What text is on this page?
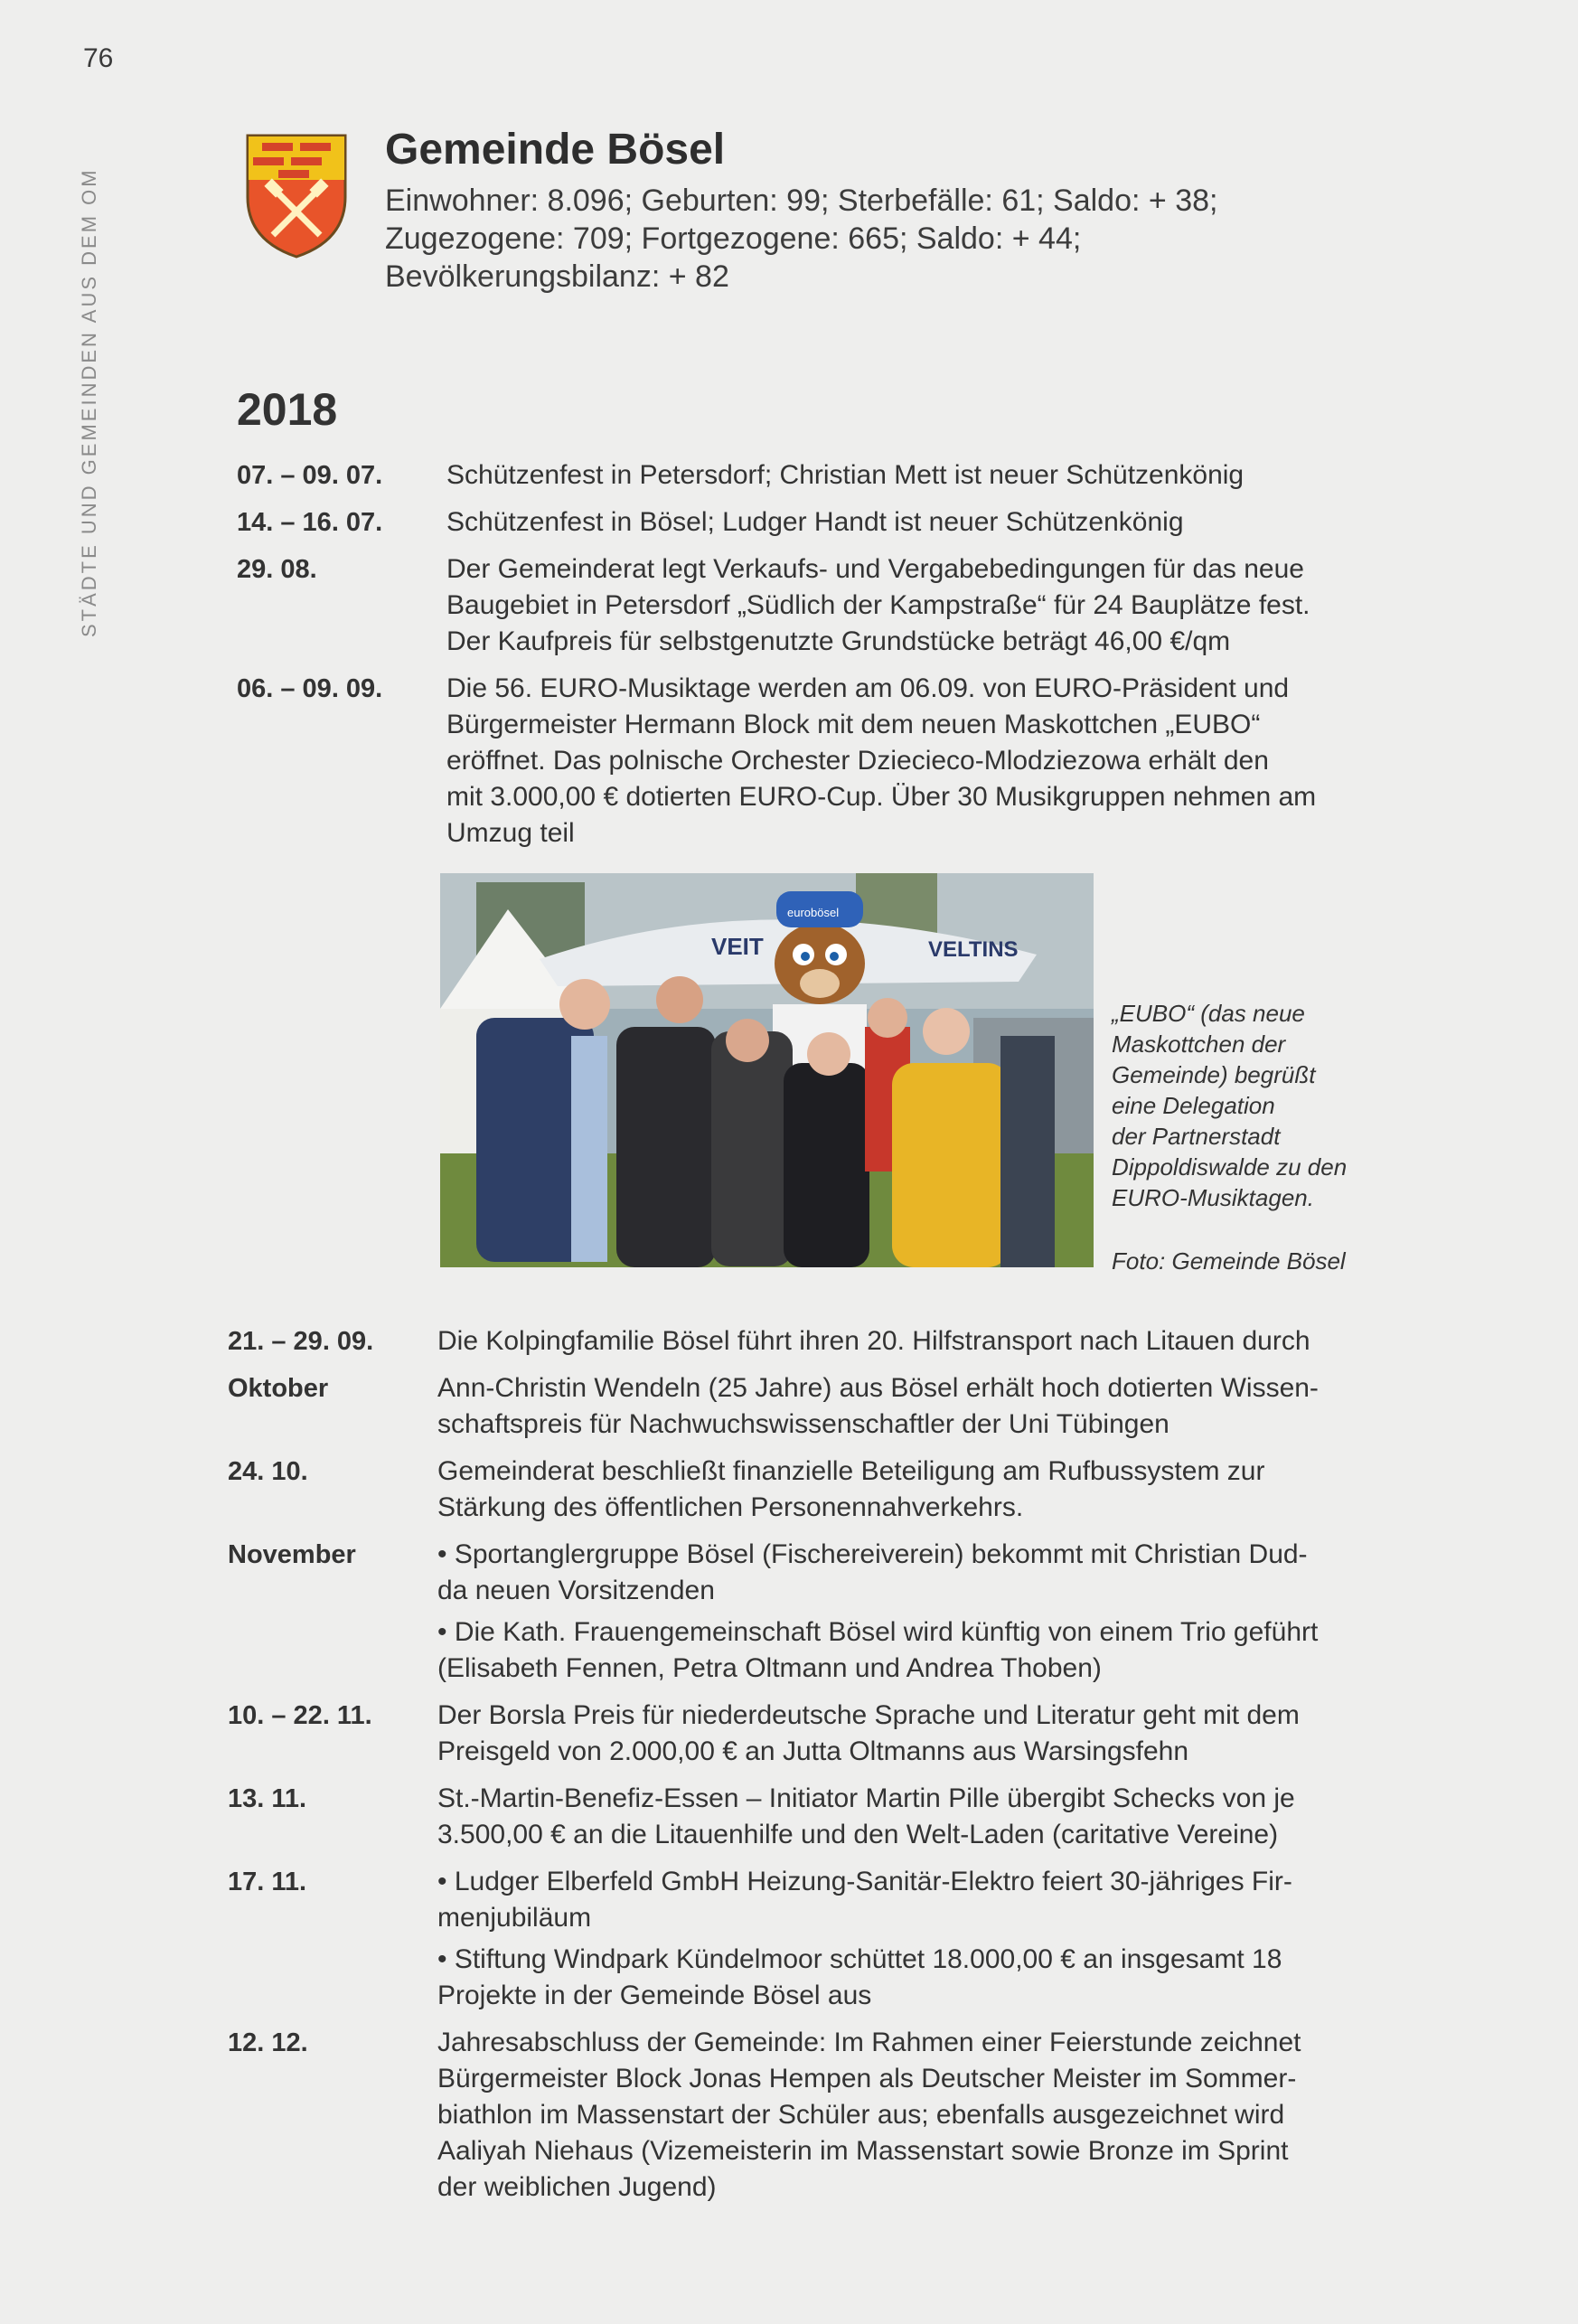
76
STÄDTE UND GEMEINDEN AUS DEM OM
Gemeinde Bösel
Einwohner: 8.096; Geburten: 99; Sterbefälle: 61; Saldo: + 38;
Zugezogene: 709; Fortgezogene: 665; Saldo: + 44;
Bevölkerungsbilanz: + 82
2018
07. – 09. 07.	Schützenfest in Petersdorf; Christian Mett ist neuer Schützenkönig
14. – 16. 07.	Schützenfest in Bösel; Ludger Handt ist neuer Schützenkönig
29. 08.	Der Gemeinderat legt Verkaufs- und Vergabebedingungen für das neue
Baugebiet in Petersdorf „Südlich der Kampstraße“ für 24 Bauplätze fest.
Der Kaufpreis für selbstgenutzte Grundstücke beträgt 46,00 €/qm
06. – 09. 09.	Die 56. EURO-Musiktage werden am 06.09. von EURO-Präsident und
Bürgermeister Hermann Block mit dem neuen Maskottchen „EUBO“
eröffnet. Das polnische Orchester Dziecieco-Mlodziezowa erhält den
mit 3.000,00 € dotierten EURO-Cup. Über 30 Musikgruppen nehmen am
Umzug teil
VEIT	VELTINS
eurobösel
„EUBO“ (das neue
Maskottchen der
Gemeinde) begrüßt
eine Delegation
der Partnerstadt
Dippoldiswalde zu den
EURO-Musiktagen.
Foto: Gemeinde Bösel
21. – 29. 09.	Die Kolpingfamilie Bösel führt ihren 20. Hilfstransport nach Litauen durch
Oktober	Ann-Christin Wendeln (25 Jahre) aus Bösel erhält hoch dotierten Wissen-
schaftspreis für Nachwuchswissenschaftler der Uni Tübingen
24. 10.	Gemeinderat beschließt finanzielle Beteiligung am Rufbussystem zur
Stärkung des öffentlichen Personennahverkehrs.
November	• Sportanglergruppe Bösel (Fischereiverein) bekommt mit Christian Dud-
da neuen Vorsitzenden
• Die Kath. Frauengemeinschaft Bösel wird künftig von einem Trio geführt
(Elisabeth Fennen, Petra Oltmann und Andrea Thoben)
10. – 22. 11.	Der Borsla Preis für niederdeutsche Sprache und Literatur geht mit dem
Preisgeld von 2.000,00 € an Jutta Oltmanns aus Warsingsfehn
13. 11.	St.-Martin-Benefiz-Essen – Initiator Martin Pille übergibt Schecks von je
3.500,00 € an die Litauenhilfe und den Welt-Laden (caritative Vereine)
17. 11.	• Ludger Elberfeld GmbH Heizung-Sanitär-Elektro feiert 30-jähriges Fir-
menjubiläum
• Stiftung Windpark Kündelmoor schüttet 18.000,00 € an insgesamt 18
Projekte in der Gemeinde Bösel aus
12. 12.	Jahresabschluss der Gemeinde: Im Rahmen einer Feierstunde zeichnet
Bürgermeister Block Jonas Hempen als Deutscher Meister im Sommer-
biathlon im Massenstart der Schüler aus; ebenfalls ausgezeichnet wird
Aaliyah Niehaus (Vizemeisterin im Massenstart sowie Bronze im Sprint
der weiblichen Jugend)
